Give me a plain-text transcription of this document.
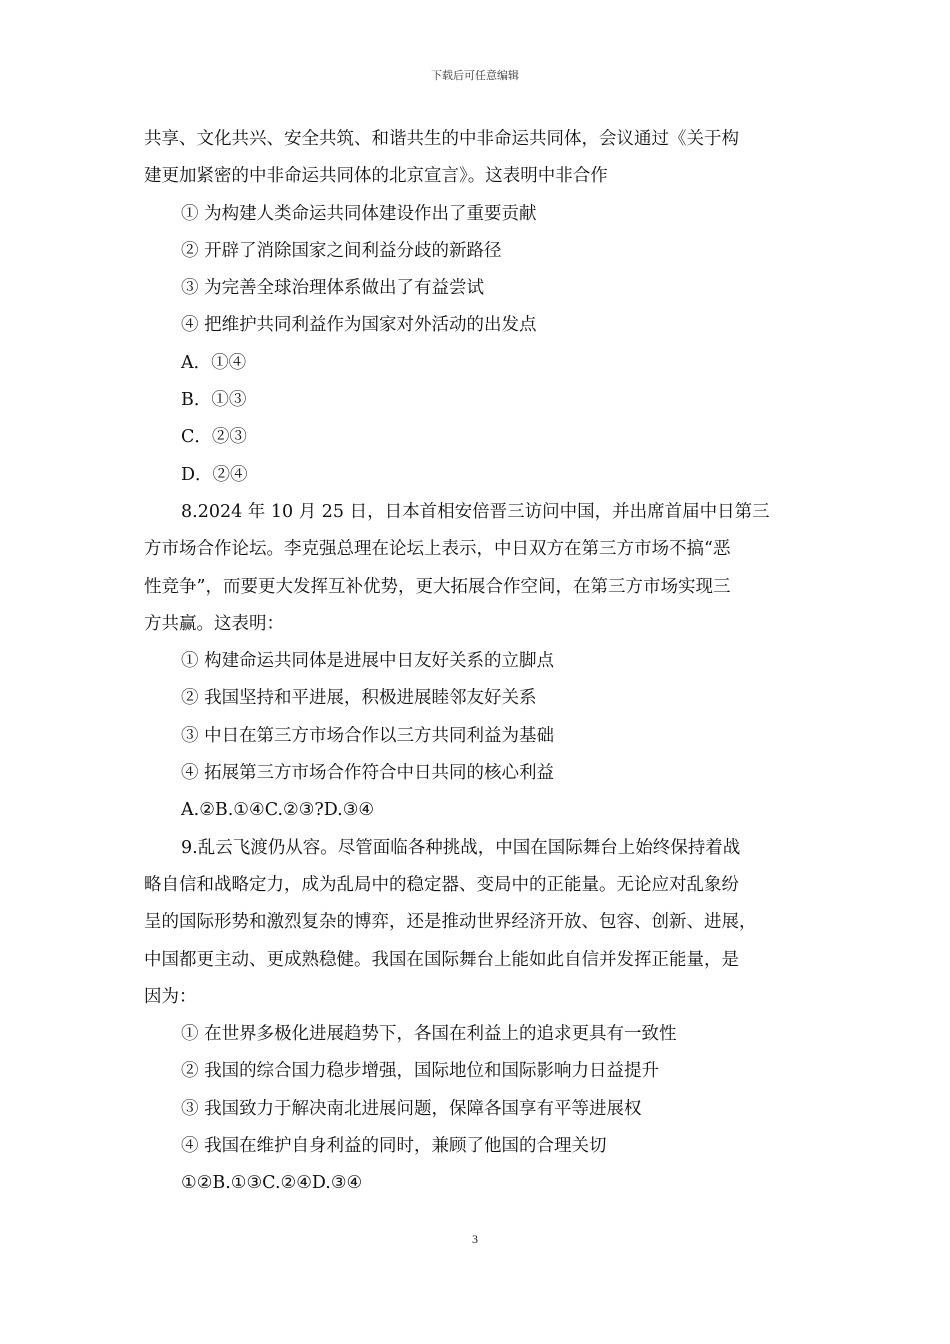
下载后可任意编辑
共享、文化共兴、安全共筑、和谐共生的中非命运共同体，会议通过《关于构
建更加紧密的中非命运共同体的北京宣言》。这表明中非合作
① 为构建人类命运共同体建设作出了重要贡献
② 开辟了消除国家之间利益分歧的新路径
③ 为完善全球治理体系做出了有益尝试
④ 把维护共同利益作为国家对外活动的出发点
A．①④
B．①③
C．②③
D．②④
8.2024 年 10 月 25 日，日本首相安倍晋三访问中国，并出席首届中日第三
方市场合作论坛。李克强总理在论坛上表示，中日双方在第三方市场不搞“恶
性竞争”，而要更大发挥互补优势，更大拓展合作空间，在第三方市场实现三
方共赢。这表明：
① 构建命运共同体是进展中日友好关系的立脚点
② 我国坚持和平进展，积极进展睦邻友好关系
③ 中日在第三方市场合作以三方共同利益为基础
④ 拓展第三方市场合作符合中日共同的核心利益
A.②B.①④C.②③?D.③④
9.乱云飞渡仍从容。尽管面临各种挑战，中国在国际舞台上始终保持着战
略自信和战略定力，成为乱局中的稳定器、变局中的正能量。无论应对乱象纷
呈的国际形势和激烈复杂的博弈，还是推动世界经济开放、包容、创新、进展，
中国都更主动、更成熟稳健。我国在国际舞台上能如此自信并发挥正能量，是
因为：
① 在世界多极化进展趋势下，各国在利益上的追求更具有一致性
② 我国的综合国力稳步增强，国际地位和国际影响力日益提升
③ 我国致力于解决南北进展问题，保障各国享有平等进展权
④ 我国在维护自身利益的同时，兼顾了他国的合理关切
①②B.①③C.②④D.③④
3
